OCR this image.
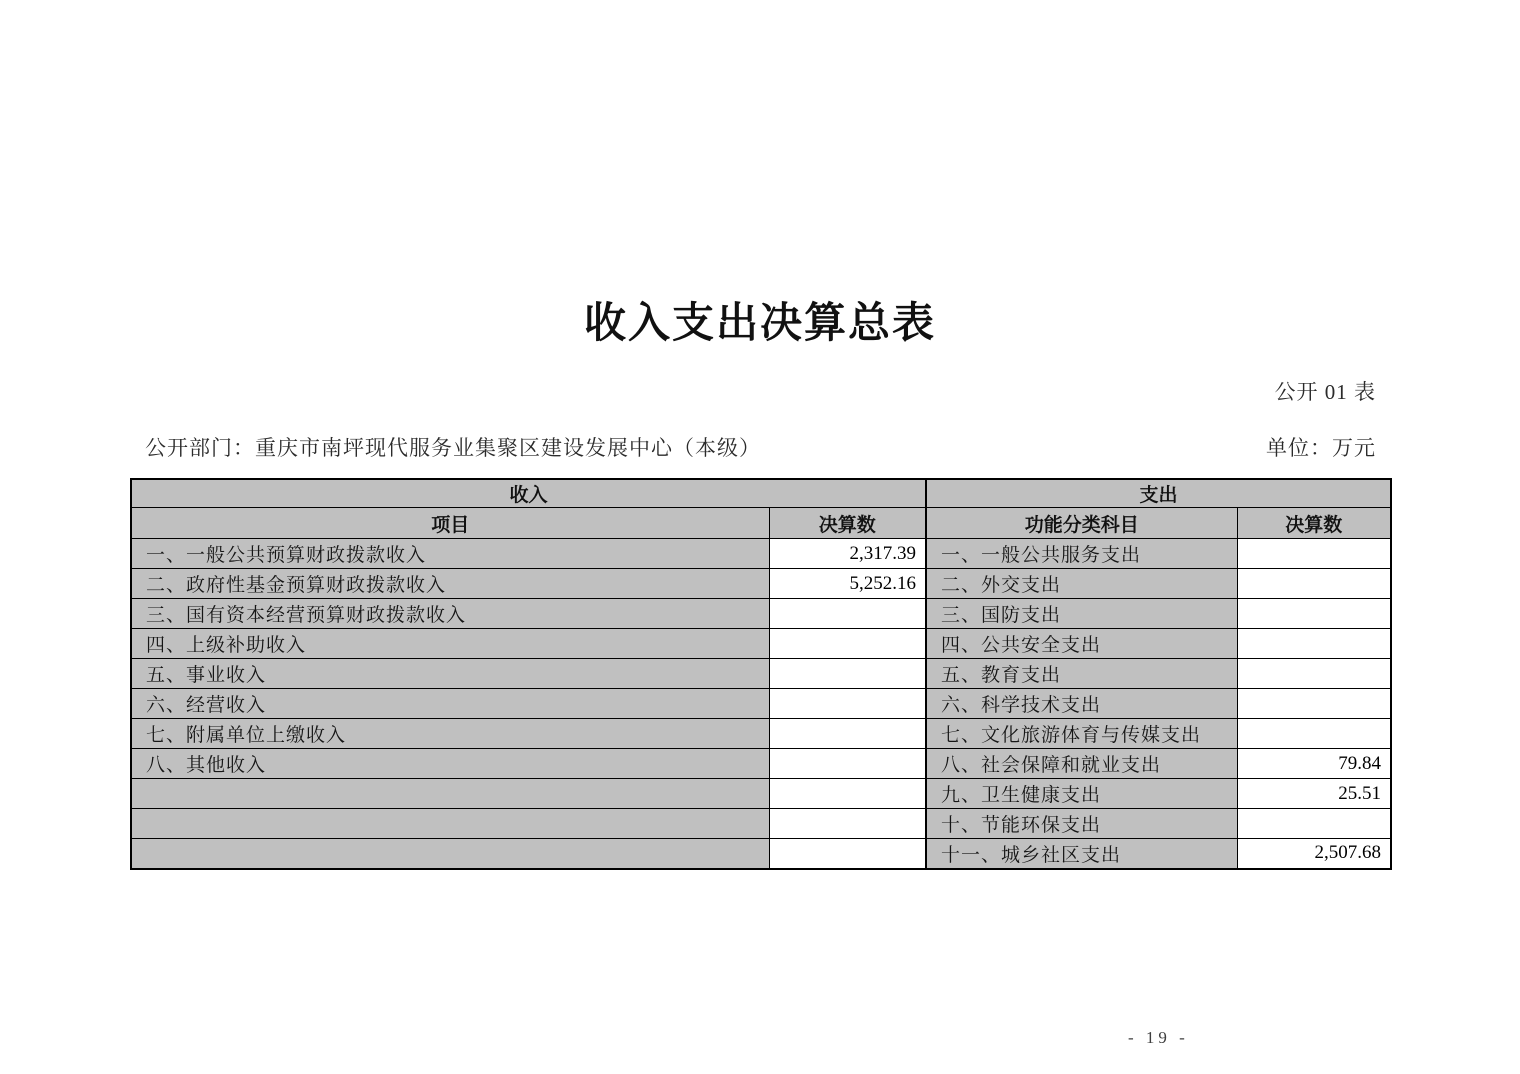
收入支出决算总表
公开 01 表
公开部门：重庆市南坪现代服务业集聚区建设发展中心（本级）	单位：万元
收入		支出	
项目	决算数	功能分类科目	决算数
一、一般公共预算财政拨款收入	2,317.39	一、一般公共服务支出	
二、政府性基金预算财政拨款收入	5,252.16	二、外交支出	
三、国有资本经营预算财政拨款收入		三、国防支出	
四、上级补助收入		四、公共安全支出	
五、事业收入		五、教育支出	
六、经营收入		六、科学技术支出	
七、附属单位上缴收入		七、文化旅游体育与传媒支出	
八、其他收入		八、社会保障和就业支出	79.84
		九、卫生健康支出	25.51
		十、节能环保支出	
		十一、城乡社区支出	2,507.68
- 19 -
